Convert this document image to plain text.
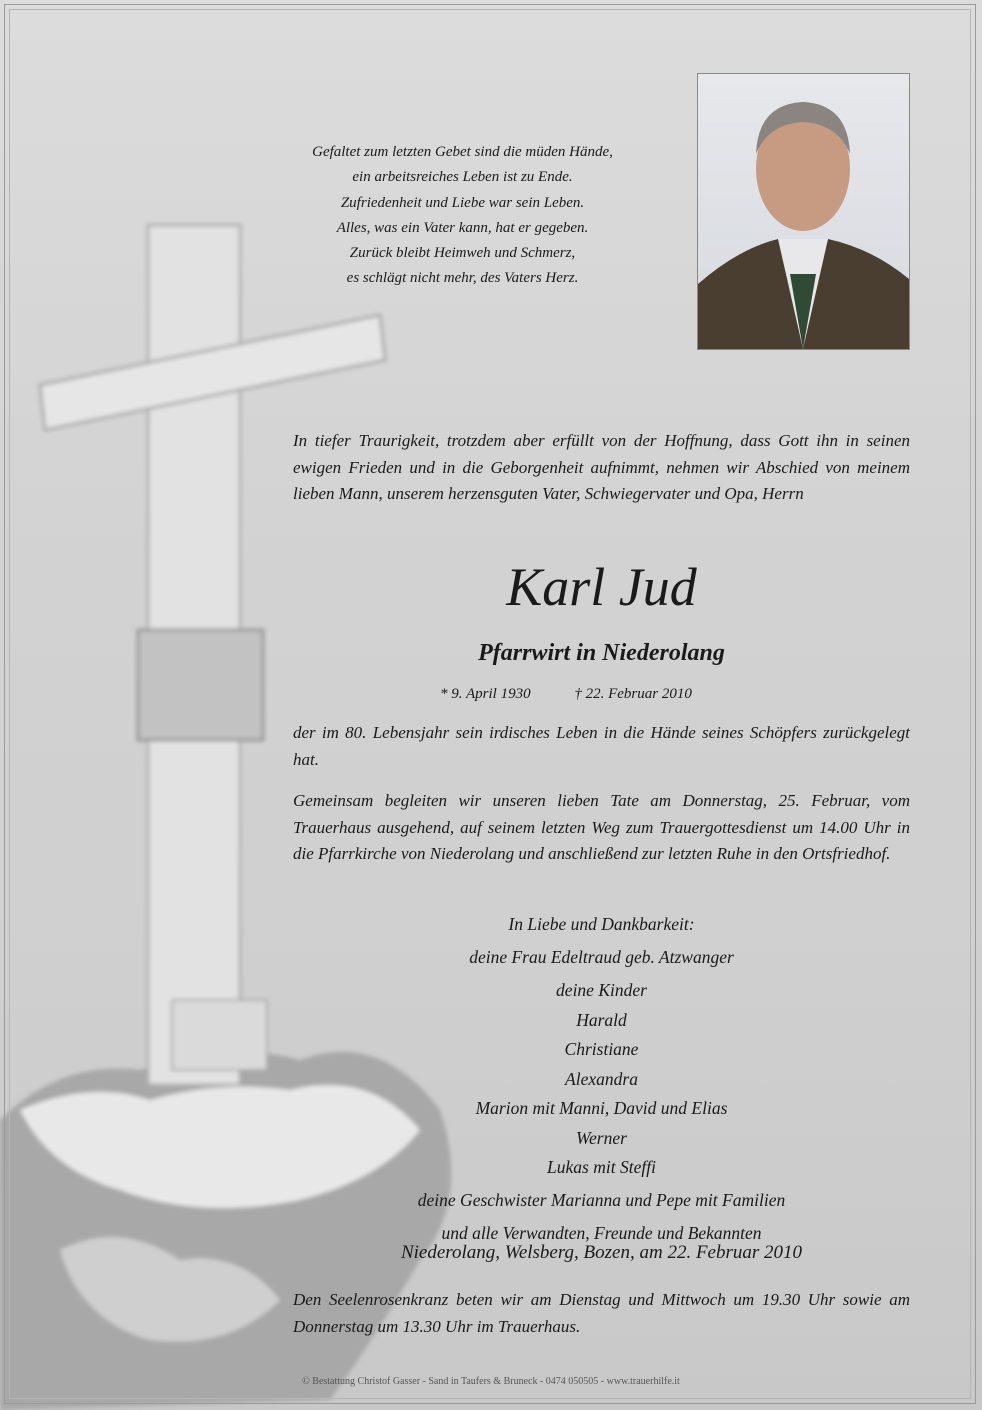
Gefaltet zum letzten Gebet sind die müden Hände,
ein arbeitsreiches Leben ist zu Ende.
Zufriedenheit und Liebe war sein Leben.
Alles, was ein Vater kann, hat er gegeben.
Zurück bleibt Heimweh und Schmerz,
es schlägt nicht mehr, des Vaters Herz.
In tiefer Traurigkeit, trotzdem aber erfüllt von der Hoffnung, dass Gott ihn in seinen ewigen Frieden und in die Geborgenheit aufnimmt, nehmen wir Abschied von meinem lieben Mann, unserem herzensguten Vater, Schwiegervater und Opa, Herrn
Karl Jud
Pfarrwirt in Niederolang
* 9. April 1930	† 22. Februar 2010
der im 80. Lebensjahr sein irdisches Leben in die Hände seines Schöpfers zurückgelegt hat.
Gemeinsam begleiten wir unseren lieben Tate am Donnerstag, 25. Februar, vom Trauerhaus ausgehend, auf seinem letzten Weg zum Trauergottesdienst um 14.00 Uhr in die Pfarrkirche von Niederolang und anschließend zur letzten Ruhe in den Ortsfriedhof.
In Liebe und Dankbarkeit:
deine Frau Edeltraud geb. Atzwanger
deine Kinder
Harald
Christiane
Alexandra
Marion mit Manni, David und Elias
Werner
Lukas mit Steffi
deine Geschwister Marianna und Pepe mit Familien
und alle Verwandten, Freunde und Bekannten
Niederolang, Welsberg, Bozen, am 22. Februar 2010
Den Seelenrosenkranz beten wir am Dienstag und Mittwoch um 19.30 Uhr sowie am Donnerstag um 13.30 Uhr im Trauerhaus.
© Bestattung Christof Gasser - Sand in Taufers & Bruneck - 0474 050505 - www.trauerhilfe.it
